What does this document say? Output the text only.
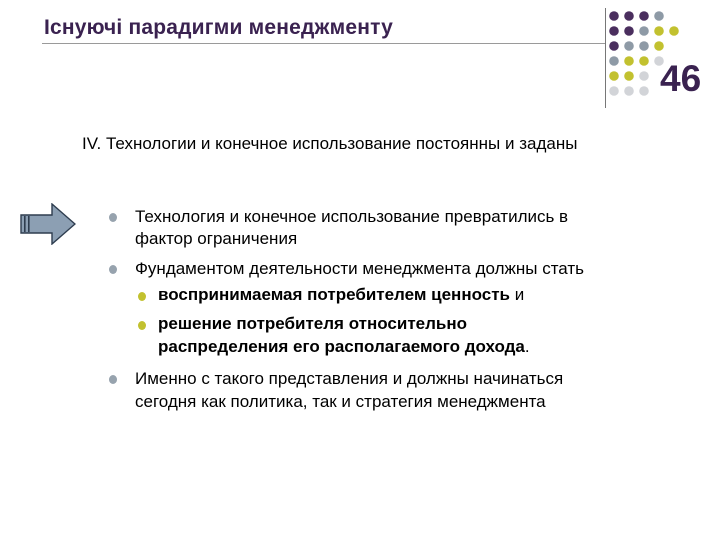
Існуючі парадигми менеджменту
46
IV. Технологии и конечное использование постоянны и заданы
Технология и конечное использование превратились в
фактор ограничения
Фундаментом деятельности менеджмента должны стать
воспринимаемая потребителем ценность и
решение потребителя относительно
распределения его располагаемого дохода.
Именно с такого представления и должны начинаться
сегодня как политика, так и стратегия менеджмента
